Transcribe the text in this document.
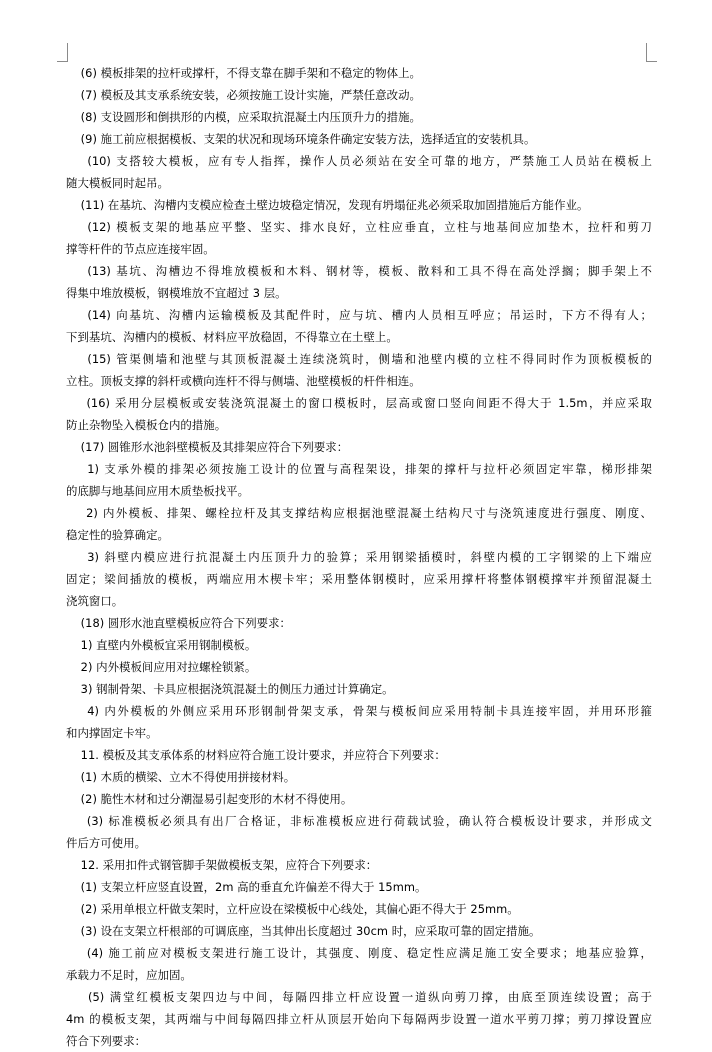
(6) 模板排架的拉杆或撑杆，不得支靠在脚手架和不稳定的物体上。
(7) 模板及其支承系统安装，必须按施工设计实施，严禁任意改动。
(8) 支设圆形和倒拱形的内模，应采取抗混凝土内压顶升力的措施。
(9) 施工前应根据模板、支架的状况和现场环境条件确定安装方法，选择适宜的安装机具。
(10) 支搭较大模板，应有专人指挥，操作人员必须站在安全可靠的地方，严禁施工人员站在模板上
随大模板同时起吊。
(11) 在基坑、沟槽内支模应检查土壁边坡稳定情况，发现有坍塌征兆必须采取加固措施后方能作业。
(12) 模板支架的地基应平整、坚实、排水良好，立柱应垂直，立柱与地基间应加垫木，拉杆和剪刀
撑等杆件的节点应连接牢固。
(13) 基坑、沟槽边不得堆放模板和木料、钢材等，模板、散料和工具不得在高处浮搁；脚手架上不
得集中堆放模板，钢模堆放不宜超过 3 层。
(14) 向基坑、沟槽内运输模板及其配件时，应与坑、槽内人员相互呼应；吊运时，下方不得有人；
下到基坑、沟槽内的模板、材料应平放稳固，不得靠立在土壁上。
(15) 管渠侧墙和池壁与其顶板混凝土连续浇筑时，侧墙和池壁内模的立柱不得同时作为顶板模板的
立柱。顶板支撑的斜杆或横向连杆不得与侧墙、池壁模板的杆件相连。
(16) 采用分层模板或安装浇筑混凝土的窗口模板时，层高或窗口竖向间距不得大于 1.5m，并应采取
防止杂物坠入模板仓内的措施。
(17) 圆锥形水池斜壁模板及其排架应符合下列要求：
1) 支承外模的排架必须按施工设计的位置与高程架设，排架的撑杆与拉杆必须固定牢靠，梯形排架
的底脚与地基间应用木质垫板找平。
2) 内外模板、排架、螺栓拉杆及其支撑结构应根据池壁混凝土结构尺寸与浇筑速度进行强度、刚度、
稳定性的验算确定。
3) 斜壁内模应进行抗混凝土内压顶升力的验算；采用钢梁插模时，斜壁内模的工字钢梁的上下端应
固定；梁间插放的模板，两端应用木楔卡牢；采用整体钢模时，应采用撑杆将整体钢模撑牢并预留混凝土
浇筑窗口。
(18) 圆形水池直壁模板应符合下列要求：
1) 直壁内外模板宜采用钢制模板。
2) 内外模板间应用对拉螺栓锁紧。
3) 钢制骨架、卡具应根据浇筑混凝土的侧压力通过计算确定。
4) 内外模板的外侧应采用环形钢制骨架支承，骨架与模板间应采用特制卡具连接牢固，并用环形箍
和内撑固定卡牢。
11. 模板及其支承体系的材料应符合施工设计要求，并应符合下列要求：
(1) 木质的横梁、立木不得使用拼接材料。
(2) 脆性木材和过分潮湿易引起变形的木材不得使用。
(3) 标准模板必须具有出厂合格证，非标准模板应进行荷载试验，确认符合模板设计要求，并形成文
件后方可使用。
12. 采用扣件式钢管脚手架做模板支架，应符合下列要求：
(1) 支架立杆应竖直设置，2m 高的垂直允许偏差不得大于 15mm。
(2) 采用单根立杆做支架时，立杆应设在梁模板中心线处，其偏心距不得大于 25mm。
(3) 设在支架立杆根部的可调底座，当其伸出长度超过 30cm 时，应采取可靠的固定措施。
(4) 施工前应对模板支架进行施工设计，其强度、刚度、稳定性应满足施工安全要求；地基应验算，
承载力不足时，应加固。
(5) 满堂红模板支架四边与中间，每隔四排立杆应设置一道纵向剪刀撑，由底至顶连续设置；高于
4m 的模板支架，其两端与中间每隔四排立杆从顶层开始向下每隔两步设置一道水平剪刀撑；剪刀撑设置应
符合下列要求：
